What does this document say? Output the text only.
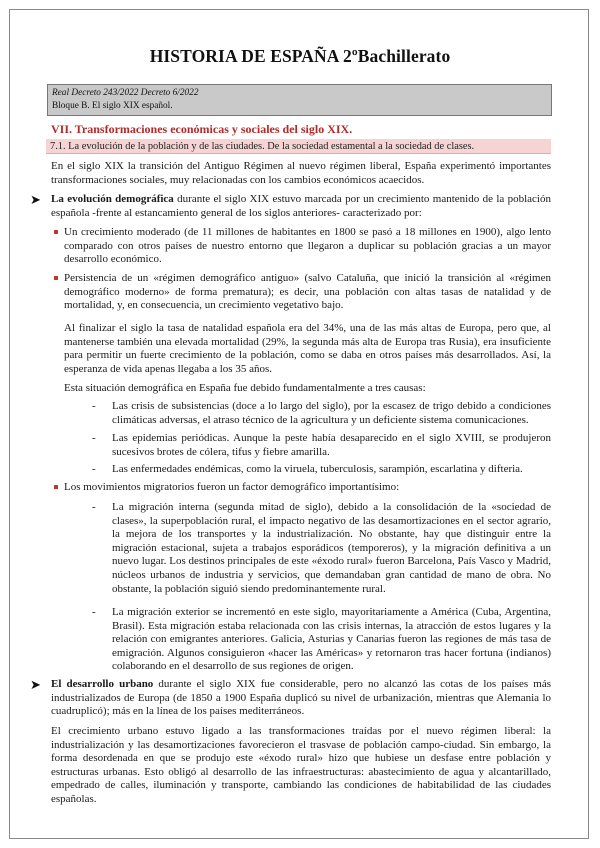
HISTORIA DE ESPAÑA 2ºBachillerato
Real Decreto 243/2022 Decreto 6/2022
Bloque B. El siglo XIX español.
VII. Transformaciones económicas y sociales del siglo XIX.
7.1. La evolución de la población y de las ciudades. De la sociedad estamental a la sociedad de clases.
En el siglo XIX la transición del Antiguo Régimen al nuevo régimen liberal, España experimentó importantes transformaciones sociales, muy relacionadas con los cambios económicos acaecidos.
➤ La evolución demográfica durante el siglo XIX estuvo marcada por un crecimiento mantenido de la población española -frente al estancamiento general de los siglos anteriores- caracterizado por:
Un crecimiento moderado (de 11 millones de habitantes en 1800 se pasó a 18 millones en 1900), algo lento comparado con otros países de nuestro entorno que llegaron a duplicar su población gracias a un mayor desarrollo económico.
Persistencia de un «régimen demográfico antiguo» (salvo Cataluña, que inició la transición al «régimen demográfico moderno» de forma prematura); es decir, una población con altas tasas de natalidad y de mortalidad, y, en consecuencia, un crecimiento vegetativo bajo.
Al finalizar el siglo la tasa de natalidad española era del 34%, una de las más altas de Europa, pero que, al mantenerse también una elevada mortalidad (29%, la segunda más alta de Europa tras Rusia), era insuficiente para permitir un fuerte crecimiento de la población, como se daba en otros países más desarrollados. Así, la esperanza de vida apenas llegaba a los 35 años.
Esta situación demográfica en España fue debido fundamentalmente a tres causas:
- Las crisis de subsistencias (doce a lo largo del siglo), por la escasez de trigo debido a condiciones climáticas adversas, el atraso técnico de la agricultura y un deficiente sistema comunicaciones.
- Las epidemias periódicas. Aunque la peste había desaparecido en el siglo XVIII, se produjeron sucesivos brotes de cólera, tifus y fiebre amarilla.
- Las enfermedades endémicas, como la viruela, tuberculosis, sarampión, escarlatina y difteria.
Los movimientos migratorios fueron un factor demográfico importantísimo:
- La migración interna (segunda mitad de siglo), debido a la consolidación de la «sociedad de clases», la superpoblación rural, el impacto negativo de las desamortizaciones en el sector agrario, la mejora de los transportes y la industrialización. No obstante, hay que distinguir entre la migración estacional, sujeta a trabajos esporádicos (temporeros), y la migración definitiva a un nuevo lugar. Los destinos principales de este «éxodo rural» fueron Barcelona, País Vasco y Madrid, núcleos urbanos de industria y servicios, que demandaban gran cantidad de mano de obra. No obstante, la población siguió siendo predominantemente rural.
- La migración exterior se incrementó en este siglo, mayoritariamente a América (Cuba, Argentina, Brasil). Esta migración estaba relacionada con las crisis internas, la atracción de estos lugares y la relación con emigrantes anteriores. Galicia, Asturias y Canarias fueron las regiones de más tasa de emigración. Algunos consiguieron «hacer las Américas» y retornaron tras hacer fortuna (indianos) colaborando en el desarrollo de sus regiones de origen.
➤ El desarrollo urbano durante el siglo XIX fue considerable, pero no alcanzó las cotas de los países más industrializados de Europa (de 1850 a 1900 España duplicó su nivel de urbanización, mientras que Alemania lo cuadruplicó); más en la línea de los países mediterráneos.
El crecimiento urbano estuvo ligado a las transformaciones traídas por el nuevo régimen liberal: la industrialización y las desamortizaciones favorecieron el trasvase de población campo-ciudad. Sin embargo, la forma desordenada en que se produjo este «éxodo rural» hizo que hubiese un desfase entre población y estructuras urbanas. Esto obligó al desarrollo de las infraestructuras: abastecimiento de agua y alcantarillado, empedrado de calles, iluminación y transporte, cambiando las condiciones de habitabilidad de las ciudades españolas.
